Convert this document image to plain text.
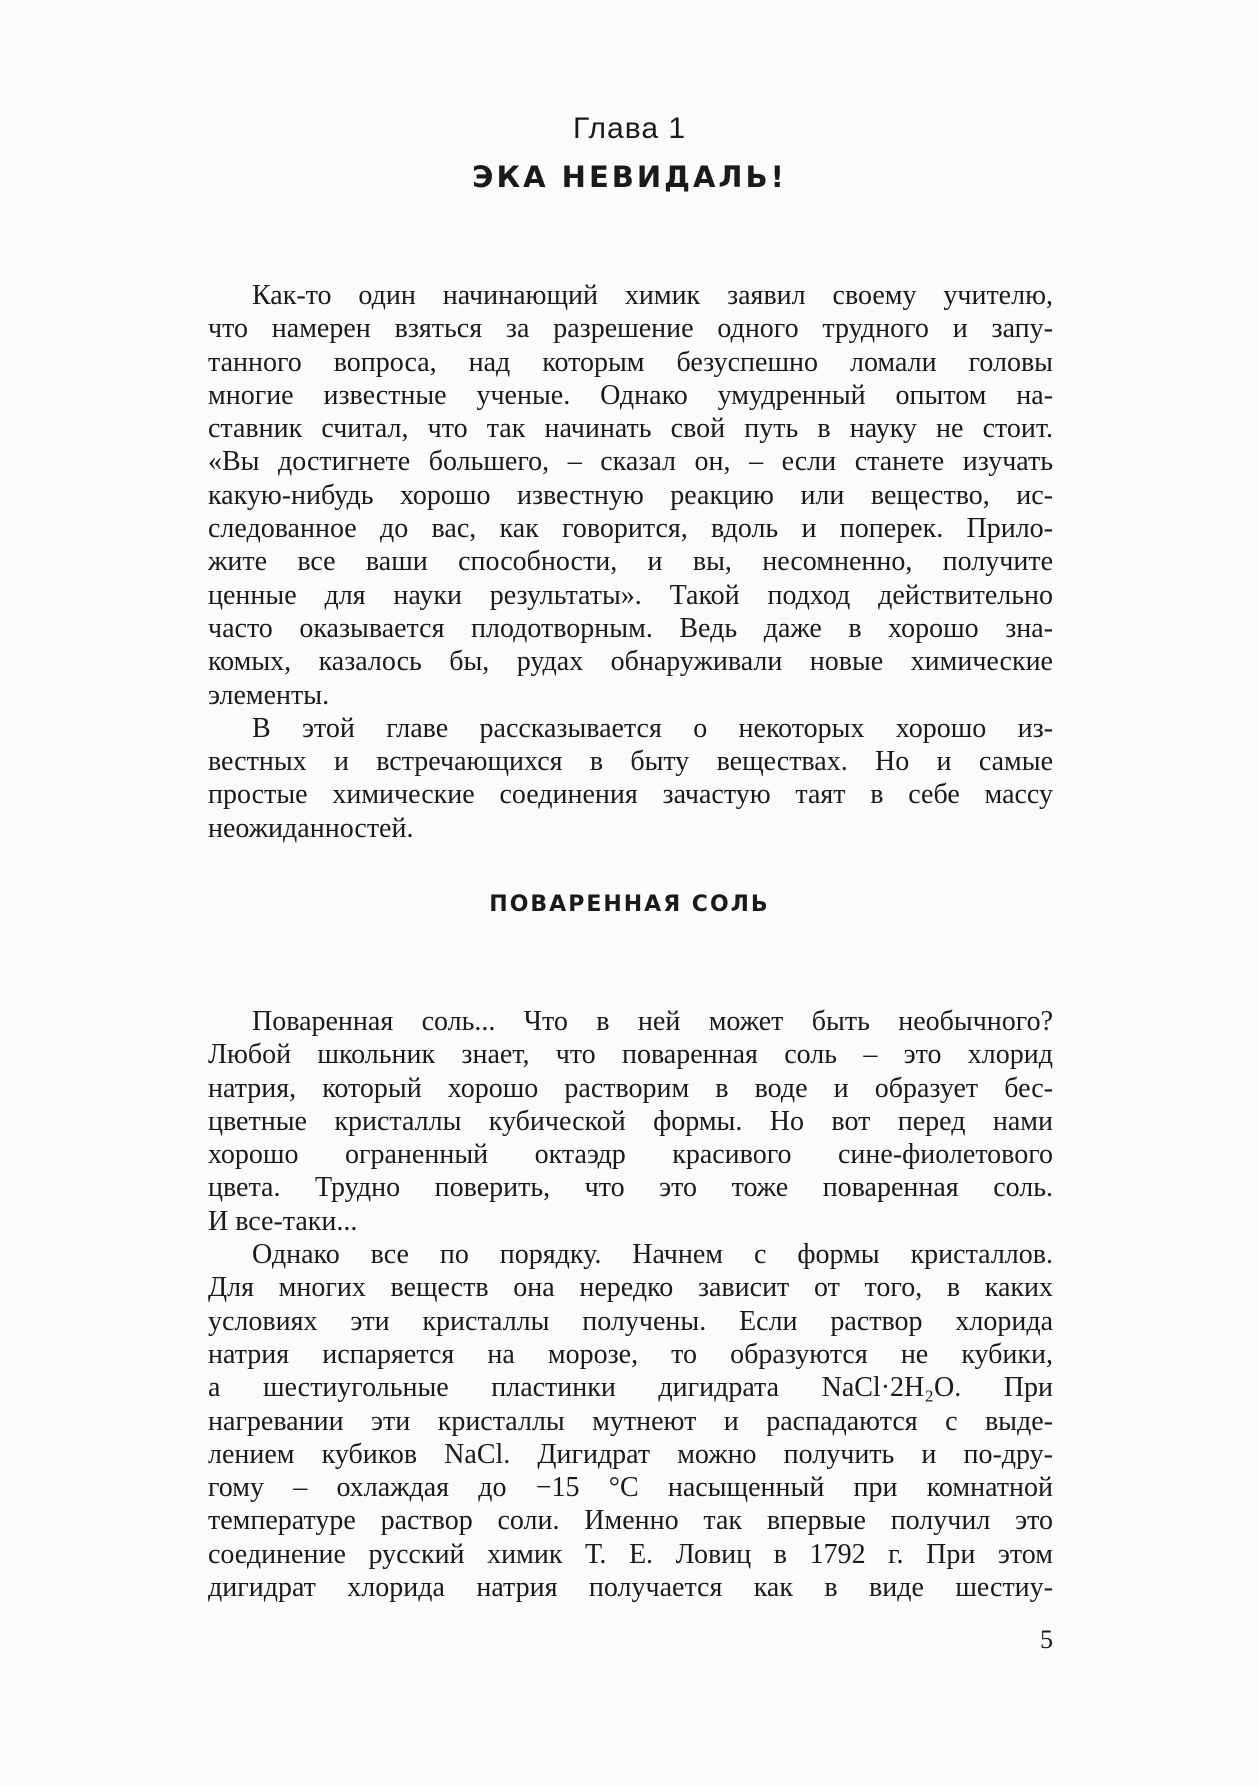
Глава 1
ЭКА НЕВИДАЛЬ!
Как-то один начинающий химик заявил своему учителю,
что намерен взяться за разрешение одного трудного и запу-
танного вопроса, над которым безуспешно ломали головы
многие известные ученые. Однако умудренный опытом на-
ставник считал, что так начинать свой путь в науку не стоит.
«Вы достигнете большего, – сказал он, – если станете изучать
какую-нибудь хорошо известную реакцию или вещество, ис-
следованное до вас, как говорится, вдоль и поперек. Прило-
жите все ваши способности, и вы, несомненно, получите
ценные для науки результаты». Такой подход действительно
часто оказывается плодотворным. Ведь даже в хорошо зна-
комых, казалось бы, рудах обнаруживали новые химические
элементы.
В этой главе рассказывается о некоторых хорошо из-
вестных и встречающихся в быту веществах. Но и самые
простые химические соединения зачастую таят в себе массу
неожиданностей.
ПОВАРЕННАЯ СОЛЬ
Поваренная соль... Что в ней может быть необычного?
Любой школьник знает, что поваренная соль – это хлорид
натрия, который хорошо растворим в воде и образует бес-
цветные кристаллы кубической формы. Но вот перед нами
хорошо ограненный октаэдр красивого сине-фиолетового
цвета. Трудно поверить, что это тоже поваренная соль.
И все-таки...
Однако все по порядку. Начнем с формы кристаллов.
Для многих веществ она нередко зависит от того, в каких
условиях эти кристаллы получены. Если раствор хлорида
натрия испаряется на морозе, то образуются не кубики,
а шестиугольные пластинки дигидрата NaCl·2H₂O. При
нагревании эти кристаллы мутнеют и распадаются с выде-
лением кубиков NaCl. Дигидрат можно получить и по-дру-
гому – охлаждая до −15 °С насыщенный при комнатной
температуре раствор соли. Именно так впервые получил это
соединение русский химик Т. Е. Ловиц в 1792 г. При этом
дигидрат хлорида натрия получается как в виде шестиу-
5
